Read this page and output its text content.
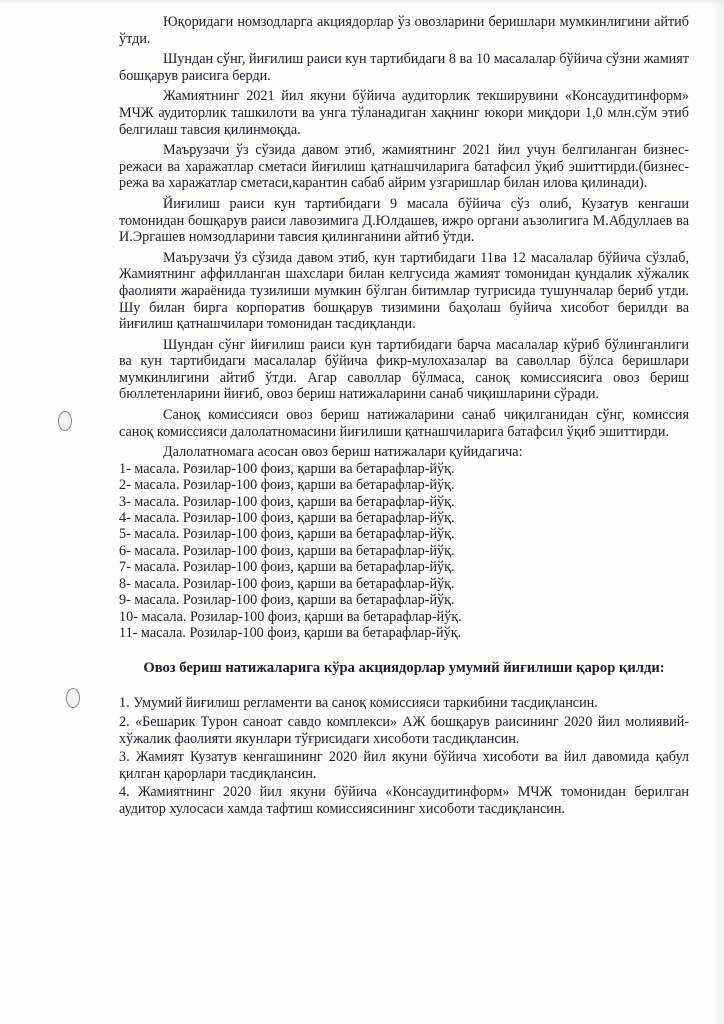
Юқоридаги номзодларга акциядорлар ўз овозларини беришлари мумкинлигини айтиб ўтди.

Шундан сўнг, йиғилиш раиси кун тартибидаги 8 ва 10 масалалар бўйича сўзни жамият бошқарув раисига берди.

Жамиятнинг 2021 йил якуни бўйича аудиторлик текширувини «Консаудитинформ» МЧЖ аудиторлик ташкилоти ва унга тўланадиган хақнинг юкори миқдори 1,0 млн.сўм этиб белгилаш тавсия қилинмоқда.

Маърузачи ўз сўзида давом этиб, жамиятнинг 2021 йил учун белгиланган бизнес-режаси ва харажатлар сметаси йиғилиш қатнашчиларига батафсил ўқиб эшиттирди.(бизнес-режа ва харажатлар сметаси,карантин сабаб айрим узгаришлар билан илова қилинади).

Йиғилиш раиси кун тартибидаги 9 масала бўйича сўз олиб, Кузатув кенгаши томонидан бошқарув раиси лавозимига Д.Юлдашев, ижро органи аъзолигига М.Абдуллаев ва И.Эргашев номзодларини тавсия қилинганини айтиб ўтди.

Маърузачи ўз сўзида давом этиб, кун тартибидаги 11ва 12 масалалар бўйича сўзлаб, Жамиятнинг аффилланган шахслари билан келгусида жамият томонидан қундалик хўжалик фаолияти жараёнида тузилиши мумкин бўлган битимлар тугрисида тушунчалар бериб утди. Шу билан бирга корпоратив бошқарув тизимини баҳолаш буйича хисобот берилди ва йиғилиш қатнашчилари томонидан тасдиқланди.

Шундан сўнг йиғилиш раиси кун тартибидаги барча масалалар кўриб бўлинганлиги ва кун тартибидаги масалалар бўйича фикр-мулохазалар ва саволлар бўлса беришлари мумкинлигини айтиб ўтди. Агар саволлар бўлмаса, саноқ комиссиясига овоз бериш бюллетенларини йиғиб, овоз бериш натижаларини санаб чиқишларини сўради.

Саноқ комиссияси овоз бериш натижаларини санаб чиқилганидан сўнг, комиссия саноқ комиссияси далолатномасини йиғилиши қатнашчиларига батафсил ўқиб эшиттирди.

Далолатномага асосан овоз бериш натижалари қуйидагича:

1- масала. Розилар-100 фоиз, қарши ва бетарафлар-йўқ.
2- масала. Розилар-100 фоиз, қарши ва бетарафлар-йўқ.
3- масала. Розилар-100 фоиз, қарши ва бетарафлар-йўқ.
4- масала. Розилар-100 фоиз, қарши ва бетарафлар-йўқ.
5- масала. Розилар-100 фоиз, қарши ва бетарафлар-йўқ.
6- масала. Розилар-100 фоиз, қарши ва бетарафлар-йўқ.
7- масала. Розилар-100 фоиз, қарши ва бетарафлар-йўқ.
8- масала. Розилар-100 фоиз, қарши ва бетарафлар-йўқ.
9- масала. Розилар-100 фоиз, қарши ва бетарафлар-йўқ.
10- масала. Розилар-100 фоиз, қарши ва бетарафлар-йўқ.
11- масала. Розилар-100 фоиз, қарши ва бетарафлар-йўқ.
Овоз бериш натижаларига кўра акциядорлар умумий йиғилиши қарор қилди:

1. Умумий йиғилиш регламенти ва саноқ комиссияси таркибини тасдиқлансин.

2. «Бешарик Турон саноат савдо комплекси» АЖ бошқарув раисининг 2020 йил молиявий-хўжалик фаолияти якунлари тўғрисидаги хисоботи тасдиқлансин.

3. Жамият Кузатув кенгашининг 2020 йил якуни бўйича хисоботи ва йил давомида қабул қилган қарорлари тасдиқлансин.

4. Жамиятнинг 2020 йил якуни бўйича «Консаудитинформ» МЧЖ томонидан берилган аудитор хулосаси хамда тафтиш комиссиясининг хисоботи тасдиқлансин.
